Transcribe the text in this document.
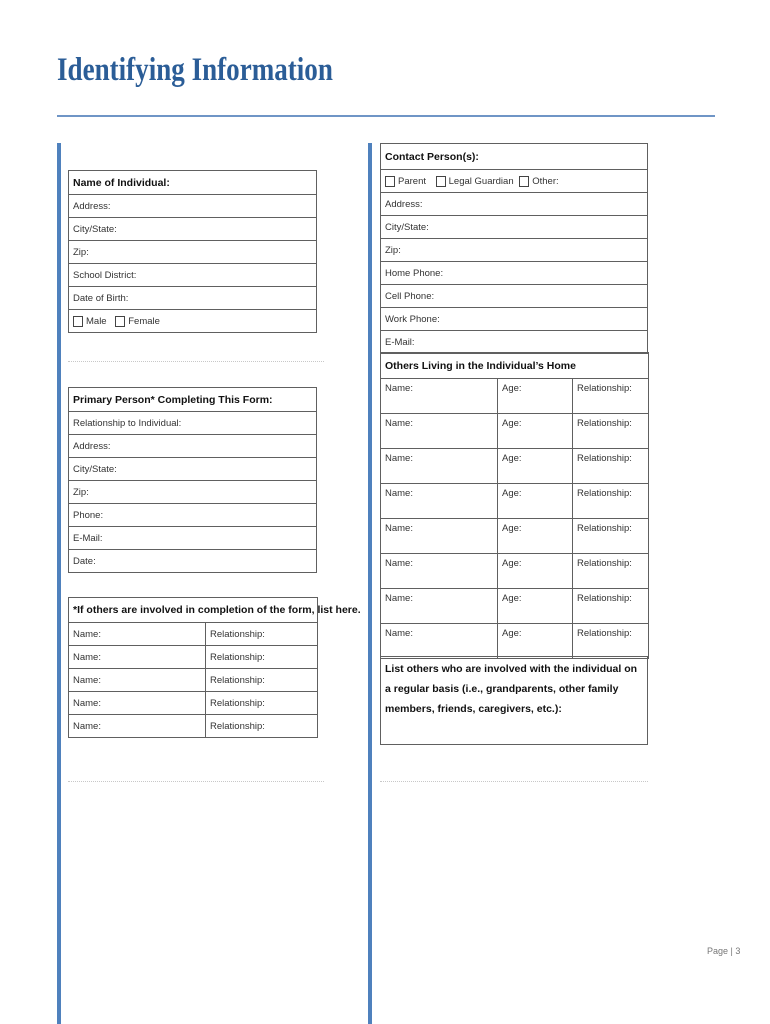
Identifying Information
Name of Individual:
Address:
City/State:
Zip:
School District:
Date of Birth:
Male Female
Primary Person* Completing This Form:
Relationship to Individual:
Address:
City/State:
Zip:
Phone:
E-Mail:
Date:
*If others are involved in completion of the form, list here.	
Name:	Relationship:
Name:	Relationship:
Name:	Relationship:
Name:	Relationship:
Name:	Relationship:
Contact Person(s):
Parent Legal Guardian Other:
Address:
City/State:
Zip:
Home Phone:
Cell Phone:
Work Phone:
E-Mail:
Others Living in the Individual’s Home		
Name:	Age:	Relationship:
Name:	Age:	Relationship:
Name:	Age:	Relationship:
Name:	Age:	Relationship:
Name:	Age:	Relationship:
Name:	Age:	Relationship:
Name:	Age:	Relationship:
Name:	Age:	Relationship:
List others who are involved with the individual on a regular basis (i.e., grandparents, other family members, friends, caregivers, etc.):
Page | 3
